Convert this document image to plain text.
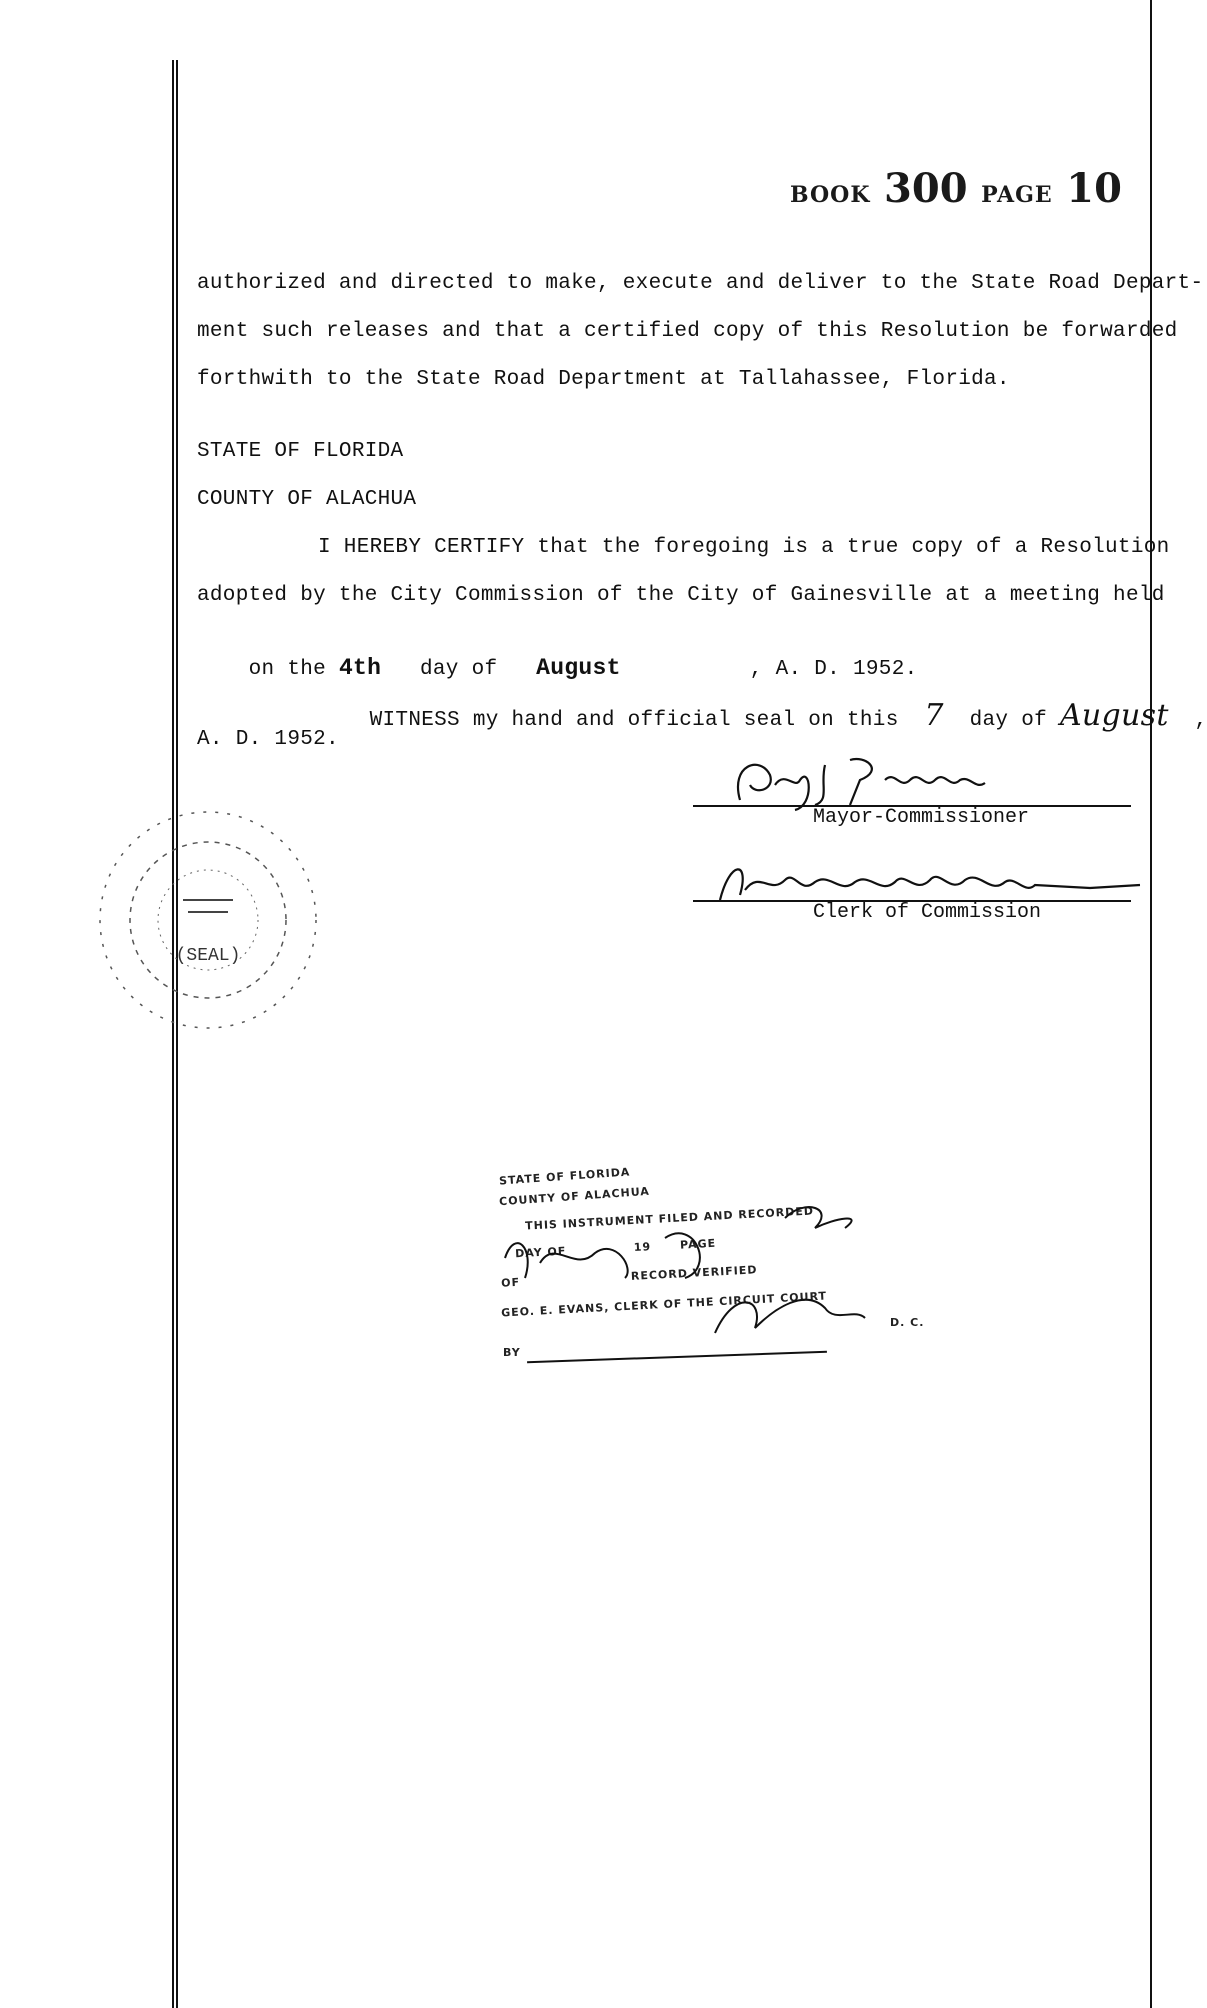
BOOK 300 PAGE 10
authorized and directed to make, execute and deliver to the State Road Depart-
ment such releases and that a certified copy of this Resolution be forwarded
forthwith to the State Road Department at Tallahassee, Florida.
STATE OF FLORIDA
COUNTY OF ALACHUA
I HEREBY CERTIFY that the foregoing is a true copy of a Resolution
adopted by the City Commission of the City of Gainesville at a meeting held

on the 4th day of August	, A. D. 1952.

WITNESS my hand and official seal on this 7 day of August ,

A. D. 1952.
Mayor-Commissioner
Clerk of Commission
(SEAL)
STATE OF FLORIDA
COUNTY OF ALACHUA
THIS INSTRUMENT FILED AND RECORDED
DAY OF              19      PAGE
OF                       RECORD VERIFIED
GEO. E. EVANS, CLERK OF THE CIRCUIT COURT
D. C.
BY
